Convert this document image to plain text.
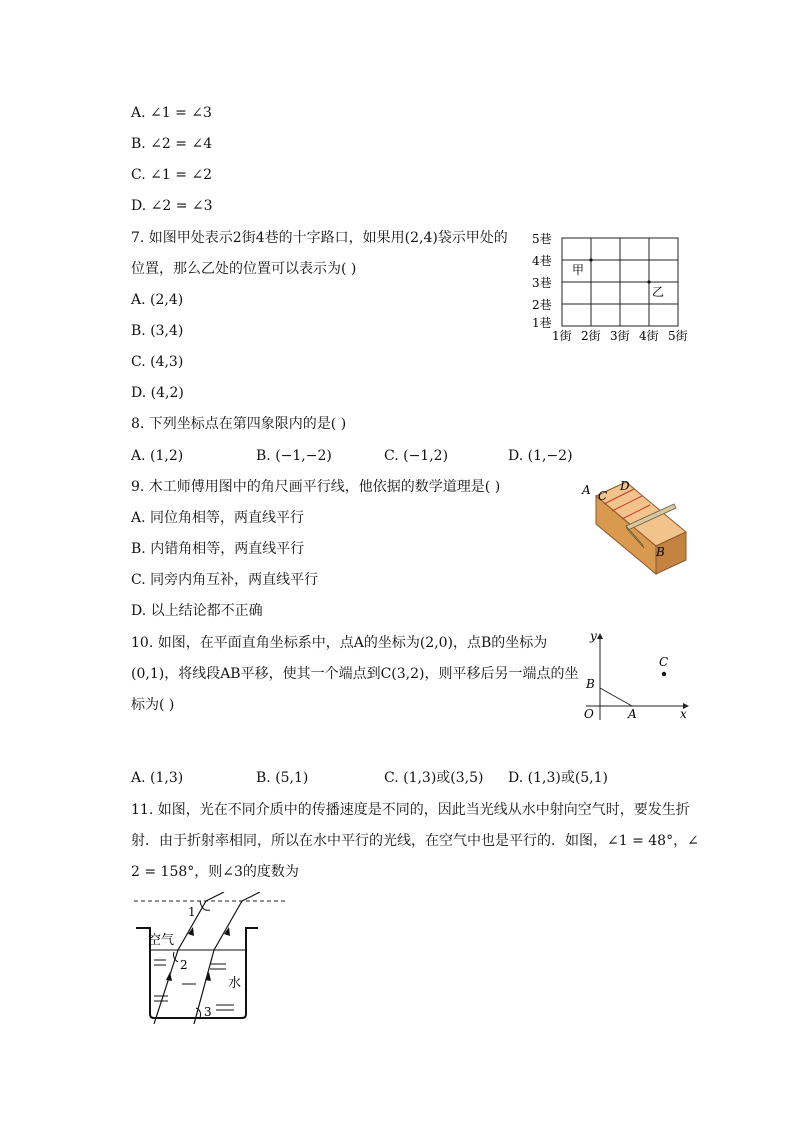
A. ∠1 = ∠3
B. ∠2 = ∠4
C. ∠1 = ∠2
D. ∠2 = ∠3
7. 如图甲处表示2街4巷的十字路口，如果用(2,4)袋示甲处的
位置，那么乙处的位置可以表示为( )
A. (2,4)
B. (3,4)
C. (4,3)
D. (4,2)
5巷
4巷
3巷
2巷
1巷
1街 2街 3街 4街 5街
甲
乙
8. 下列坐标点在第四象限内的是( )
A. (1,2)	B. (−1,−2)	C. (−1,2)	D. (1,−2)
9. 木工师傅用图中的角尺画平行线，他依据的数学道理是( )
A. 同位角相等，两直线平行
B. 内错角相等，两直线平行
C. 同旁内角互补，两直线平行
D. 以上结论都不正确
A C
D
B
10. 如图，在平面直角坐标系中，点A的坐标为(2,0)，点B的坐标为
(0,1)，将线段AB平移，使其一个端点到C(3,2)，则平移后另一端点的坐
标为( )
A. (1,3)	B. (5,1)	C. (1,3)或(3,5) D. (1,3)或(5,1)
y
x
O	A
B
C
11. 如图，光在不同介质中的传播速度是不同的，因此当光线从水中射向空气时，要发生折
射．由于折射率相同，所以在水中平行的光线，在空气中也是平行的．如图，∠1 = 48°，∠
2 = 158°，则∠3的度数为
1
2
3
空气
水
